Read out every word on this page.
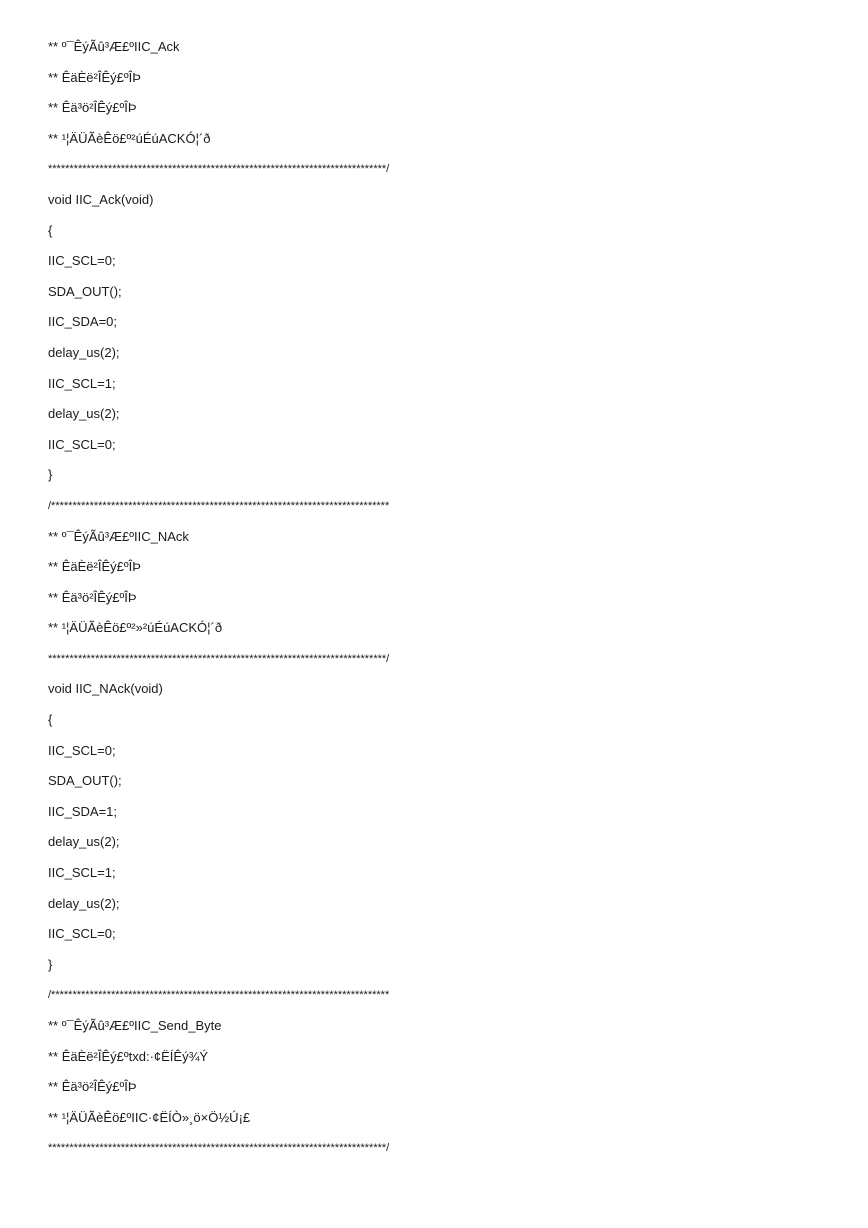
** º¯ÊýÃû³Æ£ºIIC_Ack
** ÊäÈë²ÎÊý£ºÎÞ
** Êä³ö²ÎÊý£ºÎÞ
** ¹¦ÄÜÃèÊö£º²úÉúACKÓ¦´ð
*******************************************************************************/
void IIC_Ack(void)
{
IIC_SCL=0;
SDA_OUT();
IIC_SDA=0;
delay_us(2);
IIC_SCL=1;
delay_us(2);
IIC_SCL=0;
}
/*******************************************************************************
** º¯ÊýÃû³Æ£ºIIC_NAck
** ÊäÈë²ÎÊý£ºÎÞ
** Êä³ö²ÎÊý£ºÎÞ
** ¹¦ÄÜÃèÊö£º²»²úÉúACKÓ¦´ð
*******************************************************************************/
void IIC_NAck(void)
{
IIC_SCL=0;
SDA_OUT();
IIC_SDA=1;
delay_us(2);
IIC_SCL=1;
delay_us(2);
IIC_SCL=0;
}
/*******************************************************************************
** º¯ÊýÃû³Æ£ºIIC_Send_Byte
** ÊäÈë²ÎÊý£ºtxd:·¢ËÍÊý¾Ý
** Êä³ö²ÎÊý£ºÎÞ
** ¹¦ÄÜÃèÊö£ºIIC·¢ËÍÒ»¸ö×Ö½Ú¡£
*******************************************************************************/
